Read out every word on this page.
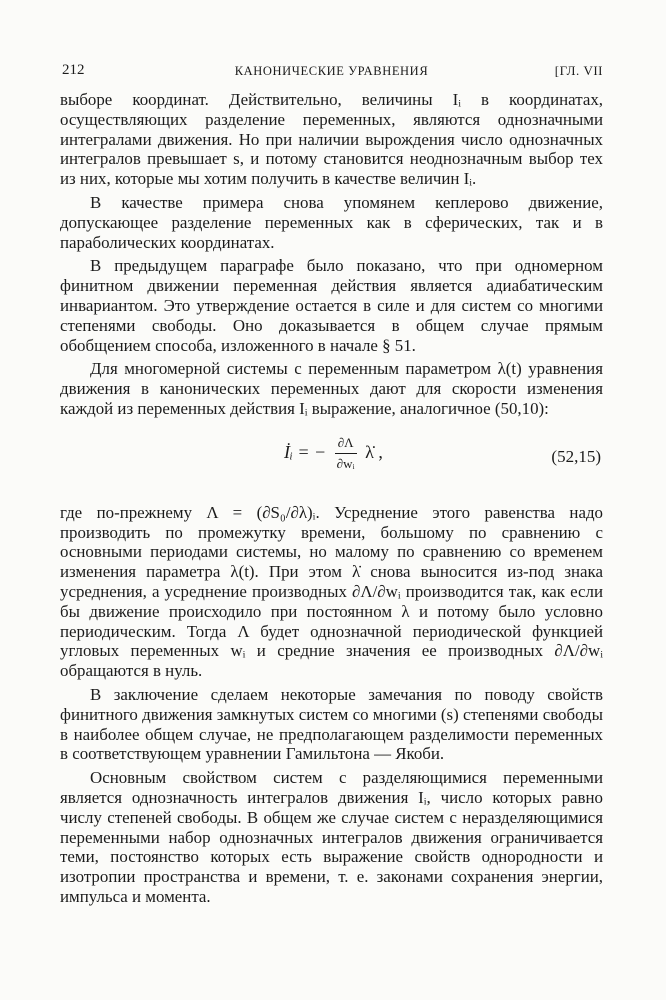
212	КАНОНИЧЕСКИЕ УРАВНЕНИЯ	[ГЛ. VII

выборе координат. Действительно, величины Iᵢ в координатах, осуществляющих разделение переменных, являются однозначными интегралами движения. Но при наличии вырождения число однозначных интегралов превышает s, и потому становится неоднозначным выбор тех из них, которые мы хотим получить в качестве величин Iᵢ.

В качестве примера снова упомянем кеплерово движение, допускающее разделение переменных как в сферических, так и в параболических координатах.

В предыдущем параграфе было показано, что при одномерном финитном движении переменная действия является адиабатическим инвариантом. Это утверждение остается в силе и для систем со многими степенями свободы. Оно доказывается в общем случае прямым обобщением способа, изложенного в начале § 51.

Для многомерной системы с переменным параметром λ(t) уравнения движения в канонических переменных дают для скорости изменения каждой из переменных действия Iᵢ выражение, аналогичное (50,10):

İᵢ = − $\frac{\partial\Lambda}{\text{∂wᵢ}}$ λ̇ ,	(52,15)

где по-прежнему Λ = (∂S₀/∂λ)ᵢ. Усреднение этого равенства надо производить по промежутку времени, большому по сравнению с основными периодами системы, но малому по сравнению со временем изменения параметра λ(t). При этом λ̇ снова выносится из-под знака усреднения, а усреднение производных ∂Λ/∂wᵢ производится так, как если бы движение происходило при постоянном λ и потому было условно периодическим. Тогда Λ будет однозначной периодической функцией угловых переменных wᵢ и средние значения ее производных ∂Λ/∂wᵢ обращаются в нуль.

В заключение сделаем некоторые замечания по поводу свойств финитного движения замкнутых систем со многими (s) степенями свободы в наиболее общем случае, не предполагающем разделимости переменных в соответствующем уравнении Гамильтона — Якоби.

Основным свойством систем с разделяющимися переменными является однозначность интегралов движения Iᵢ, число которых равно числу степеней свободы. В общем же случае систем с неразделяющимися переменными набор однозначных интегралов движения ограничивается теми, постоянство которых есть выражение свойств однородности и изотропии пространства и времени, т. е. законами сохранения энергии, импульса и момента.
